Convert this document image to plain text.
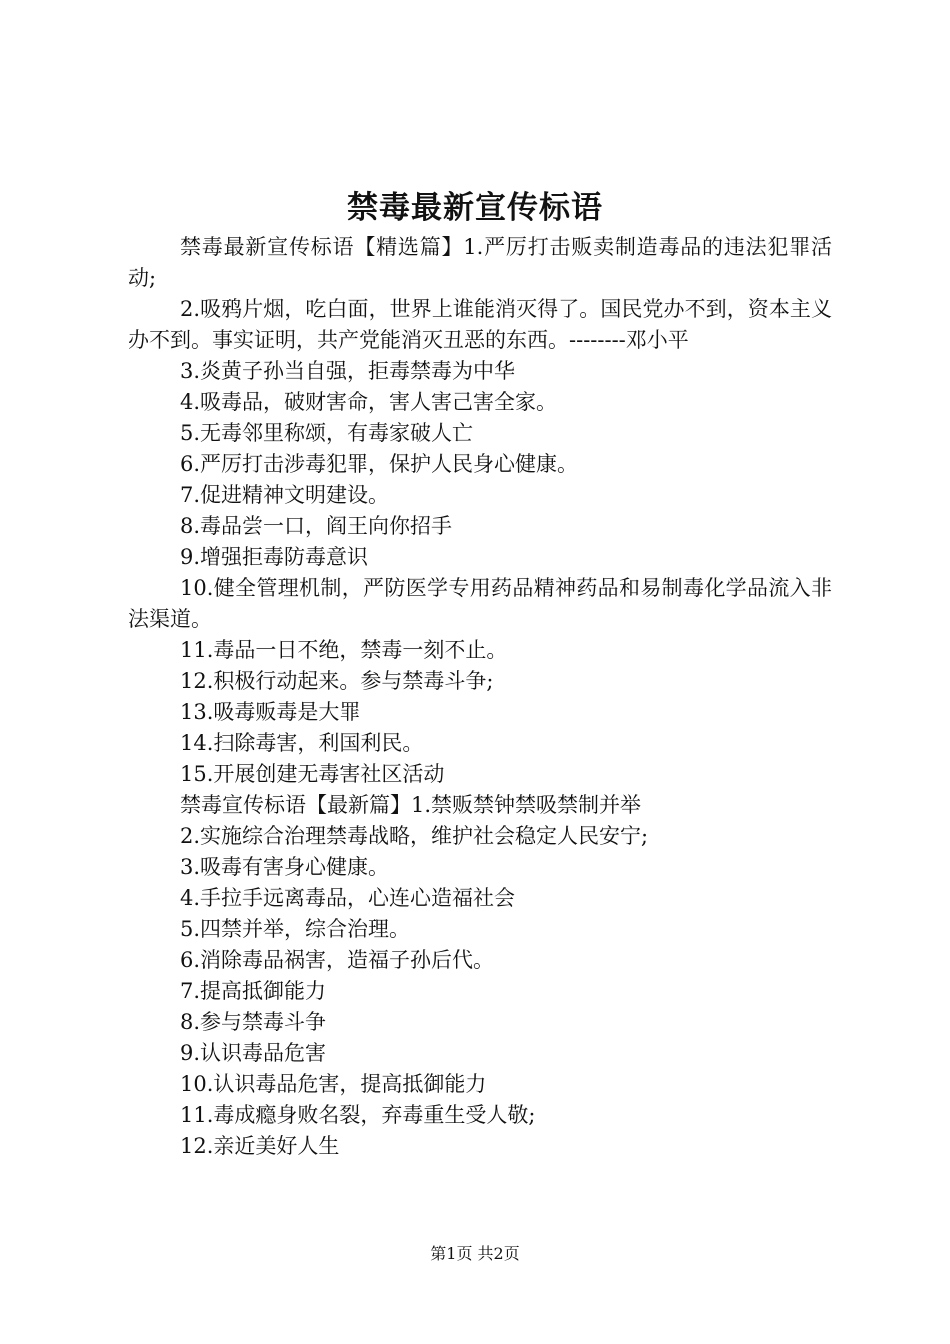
禁毒最新宣传标语

禁毒最新宣传标语【精选篇】1.严厉打击贩卖制造毒品的违法犯罪活动;

2.吸鸦片烟，吃白面，世界上谁能消灭得了。国民党办不到，资本主义办不到。事实证明，共产党能消灭丑恶的东西。--------邓小平

3.炎黄子孙当自强，拒毒禁毒为中华

4.吸毒品，破财害命，害人害己害全家。

5.无毒邻里称颂，有毒家破人亡

6.严厉打击涉毒犯罪，保护人民身心健康。

7.促进精神文明建设。

8.毒品尝一口，阎王向你招手

9.增强拒毒防毒意识

10.健全管理机制，严防医学专用药品精神药品和易制毒化学品流入非法渠道。

11.毒品一日不绝，禁毒一刻不止。

12.积极行动起来。参与禁毒斗争;

13.吸毒贩毒是大罪

14.扫除毒害，利国利民。

15.开展创建无毒害社区活动

禁毒宣传标语【最新篇】1.禁贩禁钟禁吸禁制并举

2.实施综合治理禁毒战略，维护社会稳定人民安宁;

3.吸毒有害身心健康。

4.手拉手远离毒品，心连心造福社会

5.四禁并举，综合治理。

6.消除毒品祸害，造福子孙后代。

7.提高抵御能力

8.参与禁毒斗争

9.认识毒品危害

10.认识毒品危害，提高抵御能力

11.毒成瘾身败名裂，弃毒重生受人敬;

12.亲近美好人生

第1页 共2页
